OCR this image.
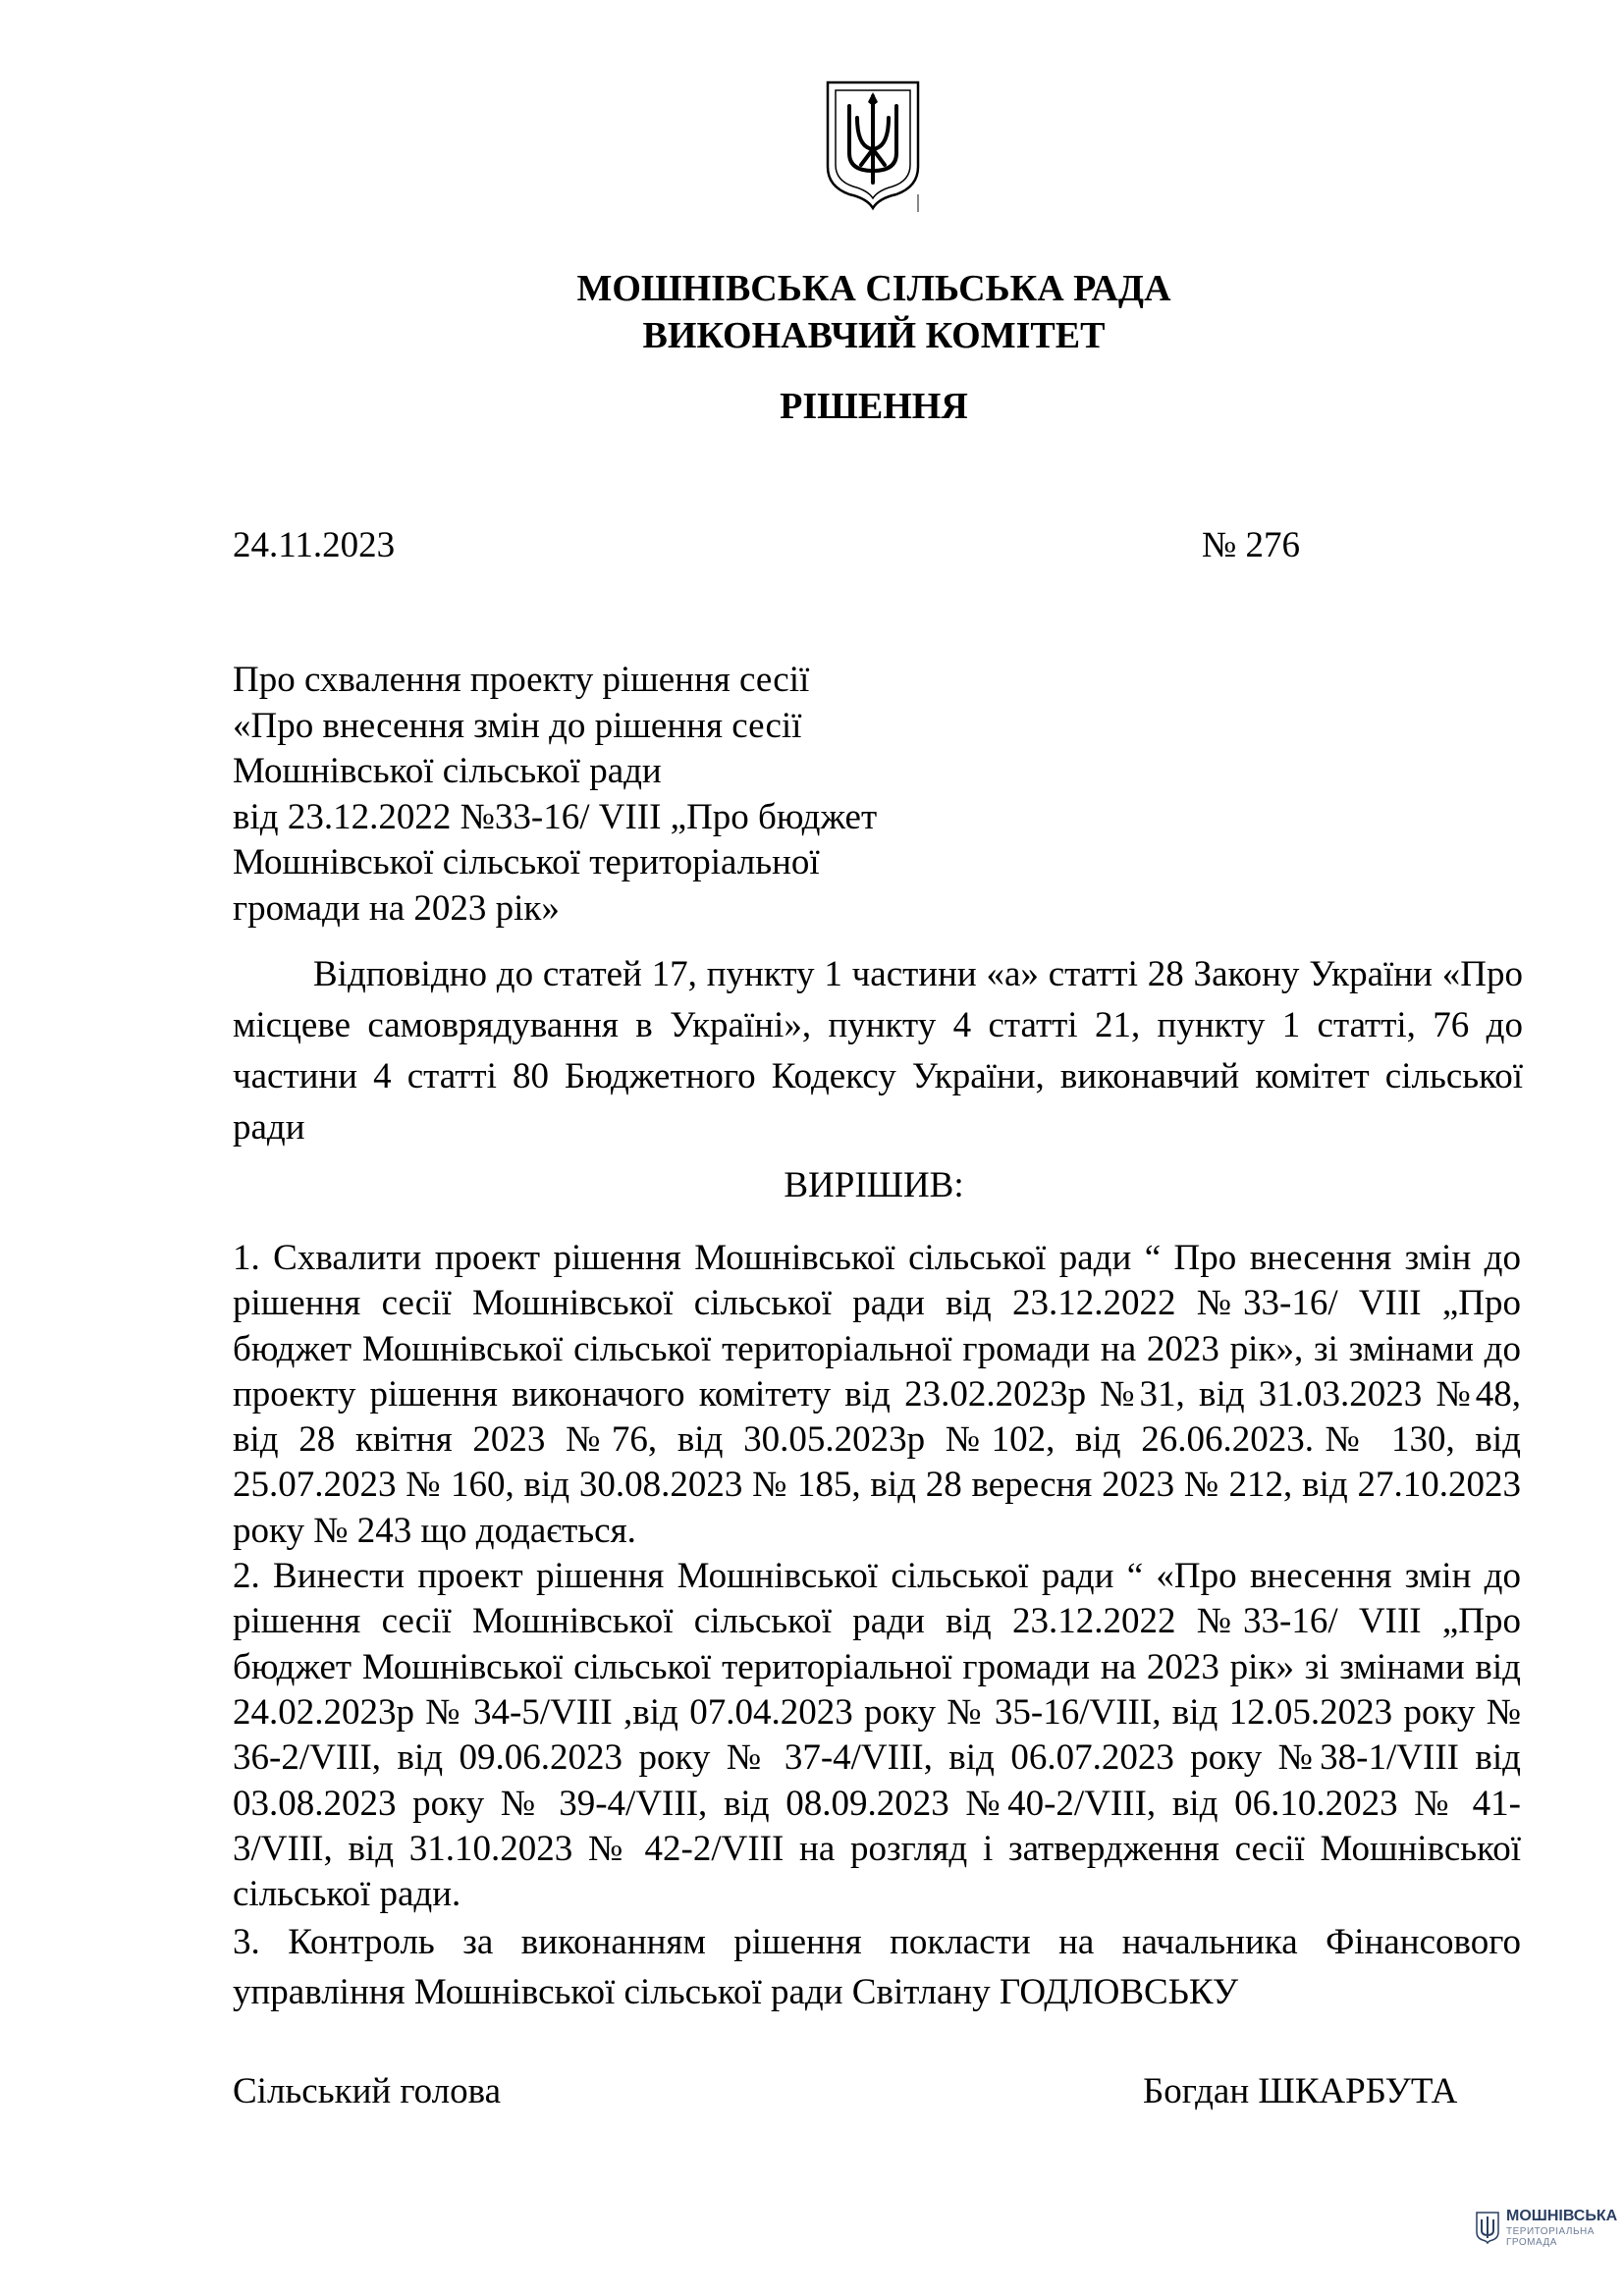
МОШНІВСЬКА СІЛЬСЬКА РАДА
ВИКОНАВЧИЙ КОМІТЕТ
РІШЕННЯ
24.11.2023	№ 276
Про схвалення проекту рішення сесії
«Про внесення змін до рішення сесії
Мошнівської сільської ради
від 23.12.2022 №33-16/ VIII „Про бюджет
Мошнівської сільської територіальної
громади на 2023 рік»

Відповідно до статей 17, пункту 1 частини «а» статті 28 Закону України «Про місцеве самоврядування в Україні», пункту 4 статті 21, пункту 1 статті, 76 до частини 4 статті 80 Бюджетного Кодексу України, виконавчий комітет сільської ради

ВИРІШИВ:

1. Схвалити проект рішення Мошнівської сільської ради “ Про внесення змін до рішення сесії Мошнівської сільської ради від 23.12.2022 №33-16/ VIII „Про бюджет Мошнівської сільської територіальної громади на 2023 рік», зі змінами до проекту рішення виконачого комітету від 23.02.2023р №31, від 31.03.2023 №48, від 28 квітня 2023 №76, від 30.05.2023р №102, від 26.06.2023.№ 130, від 25.07.2023 № 160, від 30.08.2023 № 185, від 28 вересня 2023 № 212, від 27.10.2023 року № 243 що додається.

2. Винести проект рішення Мошнівської сільської ради “ «Про внесення змін до рішення сесії Мошнівської сільської ради від 23.12.2022 №33-16/ VIII „Про бюджет Мошнівської сільської територіальної громади на 2023 рік» зі змінами від 24.02.2023р № 34-5/VIII ,від 07.04.2023 року № 35-16/VIII, від 12.05.2023 року № 36-2/VIII, від 09.06.2023 року № 37-4/VIII, від 06.07.2023 року №38-1/VIII від 03.08.2023 року № 39-4/VIII, від 08.09.2023 №40-2/VIII, від 06.10.2023 № 41-3/VIII, від 31.10.2023 № 42-2/VIII на розгляд і затвердження сесії Мошнівської сільської ради.

3. Контроль за виконанням рішення покласти на начальника Фінансового управління Мошнівської сільської ради Світлану ГОДЛОВСЬКУ

Сільський голова	Богдан ШКАРБУТА
МОШНІВСЬКА
ТЕРИТОРІАЛЬНА
ГРОМАДА
